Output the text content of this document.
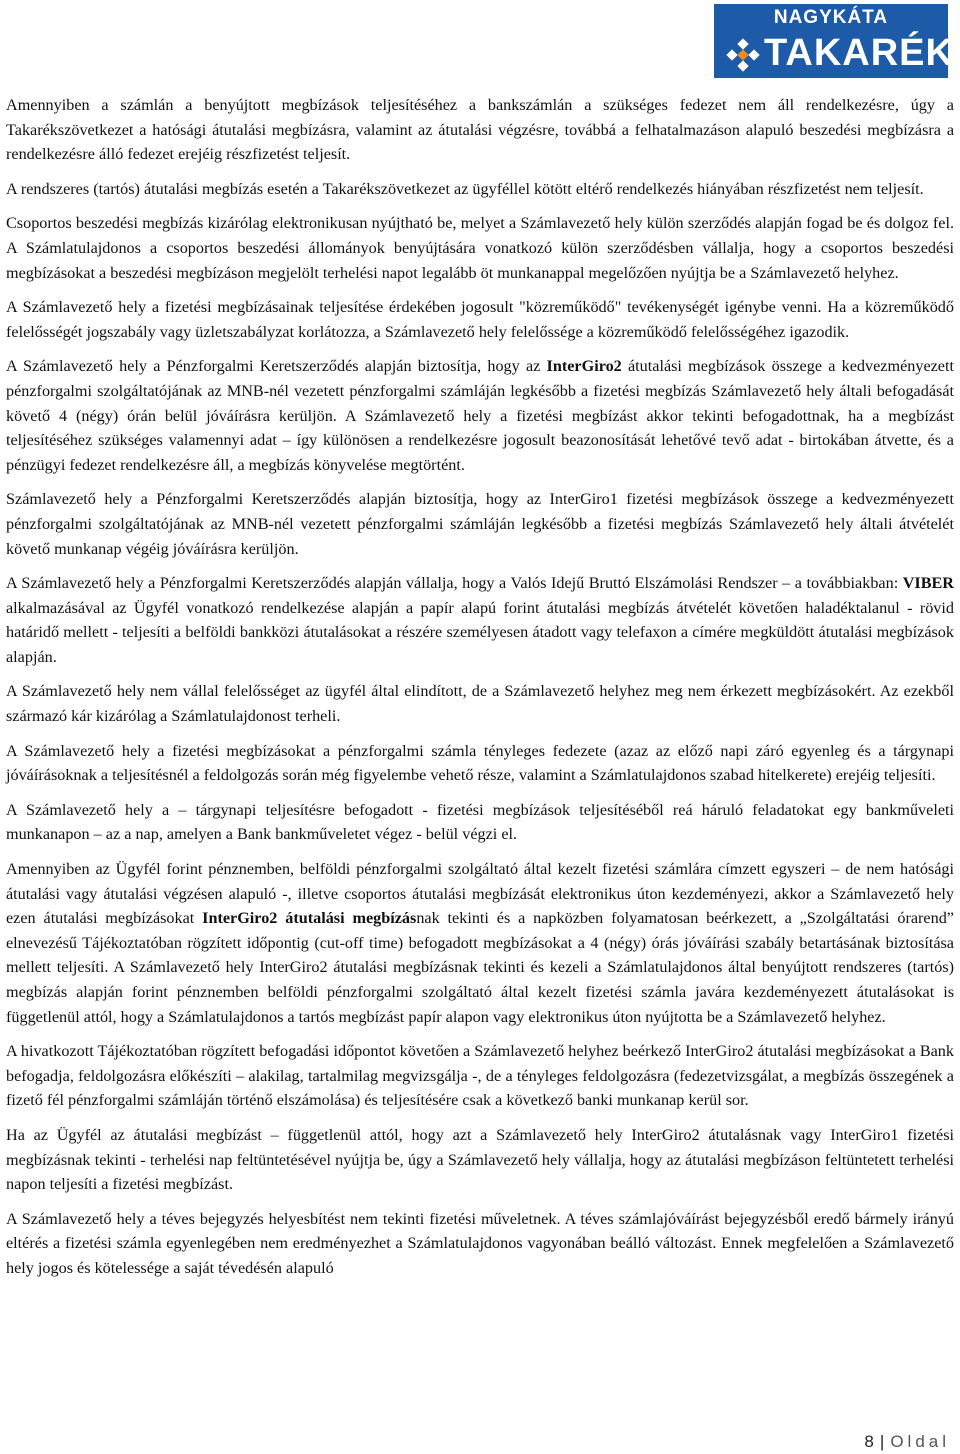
NAGYKÁTA
TAKARÉK

Amennyiben a számlán a benyújtott megbízások teljesítéséhez a bankszámlán a szükséges fedezet nem áll rendelkezésre, úgy a Takarékszövetkezet a hatósági átutalási megbízásra, valamint az átutalási végzésre, továbbá a felhatalmazáson alapuló beszedési megbízásra a rendelkezésre álló fedezet erejéig részfizetést teljesít.

A rendszeres (tartós) átutalási megbízás esetén a Takarékszövetkezet az ügyféllel kötött eltérő rendelkezés hiányában részfizetést nem teljesít.

Csoportos beszedési megbízás kizárólag elektronikusan nyújtható be, melyet a Számlavezető hely külön szerződés alapján fogad be és dolgoz fel. A Számlatulajdonos a csoportos beszedési állományok benyújtására vonatkozó külön szerződésben vállalja, hogy a csoportos beszedési megbízásokat a beszedési megbízáson megjelölt terhelési napot legalább öt munkanappal megelőzően nyújtja be a Számlavezető helyhez.

A Számlavezető hely a fizetési megbízásainak teljesítése érdekében jogosult "közreműködő" tevékenységét igénybe venni. Ha a közreműködő felelősségét jogszabály vagy üzletszabályzat korlátozza, a Számlavezető hely felelőssége a közreműködő felelősségéhez igazodik.

A Számlavezető hely a Pénzforgalmi Keretszerződés alapján biztosítja, hogy az InterGiro2 átutalási megbízások összege a kedvezményezett pénzforgalmi szolgáltatójának az MNB-nél vezetett pénzforgalmi számláján legkésőbb a fizetési megbízás Számlavezető hely általi befogadását követő 4 (négy) órán belül jóváírásra kerüljön. A Számlavezető hely a fizetési megbízást akkor tekinti befogadottnak, ha a megbízást teljesítéséhez szükséges valamennyi adat – így különösen a rendelkezésre jogosult beazonosítását lehetővé tevő adat - birtokában átvette, és a pénzügyi fedezet rendelkezésre áll, a megbízás könyvelése megtörtént.

Számlavezető hely a Pénzforgalmi Keretszerződés alapján biztosítja, hogy az InterGiro1 fizetési megbízások összege a kedvezményezett pénzforgalmi szolgáltatójának az MNB-nél vezetett pénzforgalmi számláján legkésőbb a fizetési megbízás Számlavezető hely általi átvételét követő munkanap végéig jóváírásra kerüljön.

A Számlavezető hely a Pénzforgalmi Keretszerződés alapján vállalja, hogy a Valós Idejű Bruttó Elszámolási Rendszer – a továbbiakban: VIBER alkalmazásával az Ügyfél vonatkozó rendelkezése alapján a papír alapú forint átutalási megbízás átvételét követően haladéktalanul - rövid határidő mellett - teljesíti a belföldi bankközi átutalásokat a részére személyesen átadott vagy telefaxon a címére megküldött átutalási megbízások alapján.

A Számlavezető hely nem vállal felelősséget az ügyfél által elindított, de a Számlavezető helyhez meg nem érkezett megbízásokért. Az ezekből származó kár kizárólag a Számlatulajdonost terheli.

A Számlavezető hely a fizetési megbízásokat a pénzforgalmi számla tényleges fedezete (azaz az előző napi záró egyenleg és a tárgynapi jóváírásoknak a teljesítésnél a feldolgozás során még figyelembe vehető része, valamint a Számlatulajdonos szabad hitelkerete) erejéig teljesíti.

A Számlavezető hely a – tárgynapi teljesítésre befogadott - fizetési megbízások teljesítéséből reá háruló feladatokat egy bankműveleti munkanapon – az a nap, amelyen a Bank bankműveletet végez - belül végzi el.

Amennyiben az Ügyfél forint pénznemben, belföldi pénzforgalmi szolgáltató által kezelt fizetési számlára címzett egyszeri – de nem hatósági átutalási vagy átutalási végzésen alapuló -, illetve csoportos átutalási megbízását elektronikus úton kezdeményezi, akkor a Számlavezető hely ezen átutalási megbízásokat InterGiro2 átutalási megbízásnak tekinti és a napközben folyamatosan beérkezett, a „Szolgáltatási órarend” elnevezésű Tájékoztatóban rögzített időpontig (cut-off time) befogadott megbízásokat a 4 (négy) órás jóváírási szabály betartásának biztosítása mellett teljesíti. A Számlavezető hely InterGiro2 átutalási megbízásnak tekinti és kezeli a Számlatulajdonos által benyújtott rendszeres (tartós) megbízás alapján forint pénznemben belföldi pénzforgalmi szolgáltató által kezelt fizetési számla javára kezdeményezett átutalásokat is függetlenül attól, hogy a Számlatulajdonos a tartós megbízást papír alapon vagy elektronikus úton nyújtotta be a Számlavezető helyhez.

A hivatkozott Tájékoztatóban rögzített befogadási időpontot követően a Számlavezető helyhez beérkező InterGiro2 átutalási megbízásokat a Bank befogadja, feldolgozásra előkészíti – alakilag, tartalmilag megvizsgálja -, de a tényleges feldolgozásra (fedezetvizsgálat, a megbízás összegének a fizető fél pénzforgalmi számláján történő elszámolása) és teljesítésére csak a következő banki munkanap kerül sor.

Ha az Ügyfél az átutalási megbízást – függetlenül attól, hogy azt a Számlavezető hely InterGiro2 átutalásnak vagy InterGiro1 fizetési megbízásnak tekinti - terhelési nap feltüntetésével nyújtja be, úgy a Számlavezető hely vállalja, hogy az átutalási megbízáson feltüntetett terhelési napon teljesíti a fizetési megbízást.

A Számlavezető hely a téves bejegyzés helyesbítést nem tekinti fizetési műveletnek. A téves számlajóváírást bejegyzésből eredő bármely irányú eltérés a fizetési számla egyenlegében nem eredményezhet a Számlatulajdonos vagyonában beálló változást. Ennek megfelelően a Számlavezető hely jogos és kötelessége a saját tévedésén alapuló

8 | Oldal
